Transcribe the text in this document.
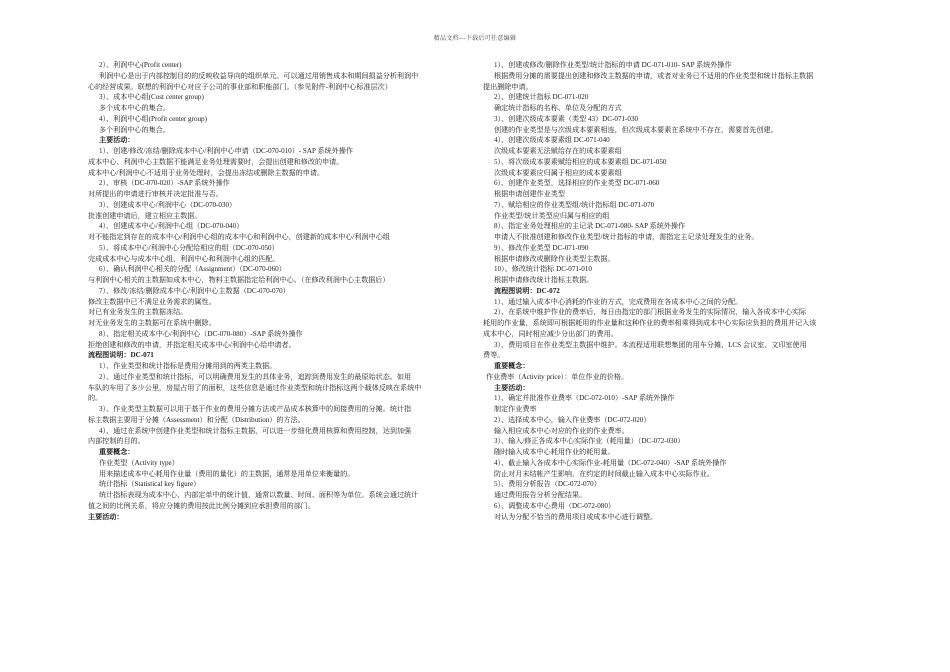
精品文档---下载后可任意编辑
2）、利润中心(Profit center)
利润中心是出于内部控制目的的反映收益导向的组织单元。可以通过用销售成本和期间损益分析利润中
心的经营成果。联想的利润中心对应子公司的事业部和职能部门。（参见附件-利润中心标准层次）
3）、成本中心组(Cost center group)
多个成本中心的集合。
4）、利润中心组(Profit center group)
多个利润中心的集合。
主要活动：
1）、创建/修改/冻结/删除成本中心/利润中心申请（DC-070-010）- SAP 系统外操作
成本中心、利润中心主数据不能满足业务处理需要时，会提出创建和修改的申请。
成本中心/利润中心不适用于业务处理时，会提出冻结或删除主数据的申请。
2）、审核（DC-070-020）-SAP 系统外操作
对所提出的申请进行审核并决定批准与否。
3）、创建成本中心/利润中心（DC-070-030）
批准创建申请后，建立相应主数据。
4）、创建成本中心/利润中心组（DC-070-040）
对不能指定到存在的成本中心/利润中心组的成本中心和利润中心，创建新的成本中心/利润中心组
5）、将成本中心/利润中心分配给相应的组（DC-070-050）
完成成本中心与成本中心组，利润中心和利润中心组的匹配。
6）、确认利润中心相关的分配（Assignment）（DC-070-060）
与利润中心相关的主数据如成本中心，物料主数据指定给利润中心。（在修改利润中心主数据后）
7）、修改/冻结/删除成本中心/利润中心主数据（DC-070-070）
修改主数据中已不满足业务需求的属性。
对已有业务发生的主数据冻结。
对无业务发生的主数据可在系统中删除。
8）、指定相关成本中心/利润中心（DC-070-080）-SAP 系统外操作
拒绝创建和修改的申请，并指定相关成本中心/利润中心给申请者。
流程图说明：DC-071
1）、作业类型和统计指标是费用分摊用到的两类主数据。
2）、通过作业类型和统计指标，可以明确费用发生的具体业务，追踪到费用发生的最原始状态。如用
车队的车用了多少公里，房屋占用了的面积，这些信息是通过作业类型和统计指标这两个载体反映在系统中
的。
3）、作业类型主数据可以用于基于作业的费用分摊方法或产品成本核算中的间接费用的分摊。统计指
标主数据主要用于分摊（Assessment）和分配（Distribution）的方法。
4）、通过在系统中创建作业类型和统计指标主数据，可以进一步细化费用核算和费用控制，达到加强
内部控制的目的。
重要概念：
作业类型（Activity type）
用来描述成本中心耗用作业量（费用的量化）的主数据，通常是用单位来衡量的。
统计指标（Statistical key figure）
统计指标表现为成本中心、内部定单中的统计值，通常以数量、时间、面积等为单位。系统会通过统计
值之间的比例关系，将应分摊的费用按此比例分摊到应承担费用的部门。
主要活动：
1）、创建或修改/删除作业类型/统计指标的申请 DC-071-010- SAP 系统外操作
根据费用分摊的需要提出创建和修改主数据的申请，或者对业务已不适用的作业类型和统计指标主数据
提出删除申请。
2）、创建统计指标 DC-071-020
确定统计指标的名称、单位及分配的方式
3）、创建次级成本要素（类型 43）DC-071-030
创建的作业类型是与次级成本要素相连，但次级成本要素在系统中不存在，需要首先创建。
4）、创建次级成本要素组 DC-071-040
次级成本要素无法赋给存在的成本要素组
5）、将次级成本要素赋给相应的成本要素组 DC-071-050
次级成本要素应归属于相应的成本要素组
6）、创建作业类型，选择相应的作业类型 DC-071-060
根据申请创建作业类型
7）、赋给相应的作业类型组/统计指标组 DC-071-070
作业类型/统计类型应归属与相应的组
8）、指定业务处理相应的主记录 DC-071-080- SAP 系统外操作
申请人不批准创建和修改作业类型/统计指标的申请，需指定主记录处理发生的业务。
9）、修改作业类型 DC-071-090
根据申请修改或删除作业类型主数据。
10）、修改统计指标 DC-071-010
根据申请修改统计指标主数据。
流程图说明：DC-072
1）、通过输入成本中心消耗的作业的方式，完成费用在各成本中心之间的分配。
2）、在系统中维护作业的费率后，每日由指定的部门根据业务发生的实际情况，输入各成本中心实际
耗用的作业量，系统即可根据耗用的作业量和这种作业的费率相乘得到成本中心实际应负担的费用并记入该
成本中心，同时相应减少分出部门的费用。
3）、费用项目在作业类型主数据中维护。本流程适用联想集团的用车分摊、LCS 会议室、文印室使用
费等。
重要概念：
作业费率（Activity price）：单位作业的价格。
主要活动：
1）、确定并批准作业费率（DC-072-010）-SAP 系统外操作
制定作业费率
2）、选择成本中心，输入作业费率（DC-072-020）
输入相应成本中心对应的作业的作业费率。
3）、输入/修正各成本中心实际作业（耗用量）（DC-072-030）
随时输入成本中心耗用作业的耗用量。
4）、截止输入各成本中心实际作业-耗用量（DC-072-040）-SAP 系统外操作
防止对月末结帐产生影响，在约定的时间截止输入成本中心实际作业。
5）、费用分析报告（DC-072-070）
通过费用报告分析分配结果。
6）、调整成本中心费用（DC-072-080）
对认为分配不恰当的费用项目或成本中心进行调整。
